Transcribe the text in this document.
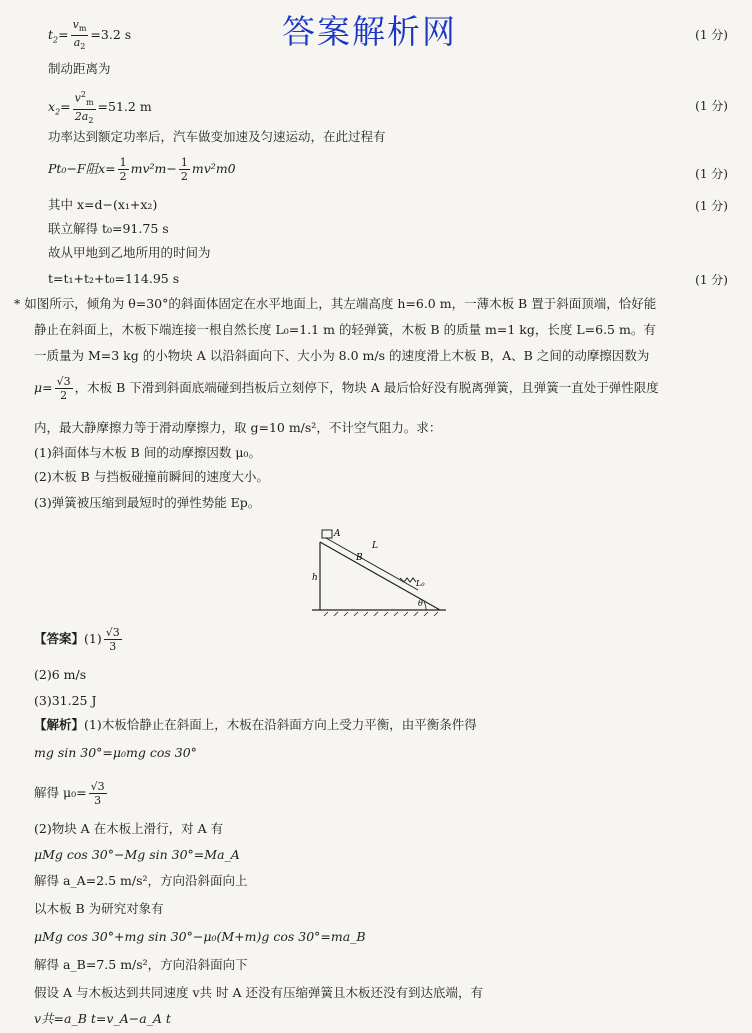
答案解析网
$t_2= \frac{v_m}{a_2} =3.2$ s	(1 分)
制动距离为
$x_2= \frac{v^2_m}{2a_2} =51.2$ m	(1 分)
功率达到额定功率后，汽车做变加速及匀速运动，在此过程有
Pt₀−F阻$x= \frac{1}{2} mv^2m- \frac{1}{2} mv^2m0$	(1 分)
其中 x=d−(x₁+x₂)	(1 分)
联立解得 t₀=91.75 s
故从甲地到乙地所用的时间为
t=t₁+t₂+t₀=114.95 s	(1 分)
* 如图所示，倾角为 θ=30°的斜面体固定在水平地面上，其左端高度 h=6.0 m，一薄木板 B 置于斜面顶端，恰好能
静止在斜面上，木板下端连接一根自然长度 L₀=1.1 m 的轻弹簧，木板 B 的质量 m=1 kg，长度 L=6.5 m。有
一质量为 M=3 kg 的小物块 A 以沿斜面向下、大小为 8.0 m/s 的速度滑上木板 B，A、B 之间的动摩擦因数为
$\mu= \frac{√3}{2}$ ，木板 B 下滑到斜面底端碰到挡板后立刻停下，物块 A 最后恰好没有脱离弹簧，且弹簧一直处于弹性限度
内，最大静摩擦力等于滑动摩擦力，取 g=10 m/s²，不计空气阻力。求：
(1)斜面体与木板 B 间的动摩擦因数 μ₀。
(2)木板 B 与挡板碰撞前瞬间的速度大小。
(3)弹簧被压缩到最短时的弹性势能 Ep。
A
B
L
L₀
h
θ
【答案】$(1) \frac{√3}{3}$
(2)6 m/s
(3)31.25 J
【解析】(1)木板恰静止在斜面上，木板在沿斜面方向上受力平衡，由平衡条件得
mg sin 30°=μ₀mg cos 30°
解得 $\mu_0= \frac{√3}{3}$
(2)物块 A 在木板上滑行，对 A 有
μMg cos 30°−Mg sin 30°=Ma_A
解得 a_A=2.5 m/s²，方向沿斜面向上
以木板 B 为研究对象有
μMg cos 30°+mg sin 30°−μ₀(M+m)g cos 30°=ma_B
解得 a_B=7.5 m/s²，方向沿斜面向下
假设 A 与木板达到共同速度 v共 时 A 还没有压缩弹簧且木板还没有到达底端，有
v共=a_B t=v_A−a_A t
